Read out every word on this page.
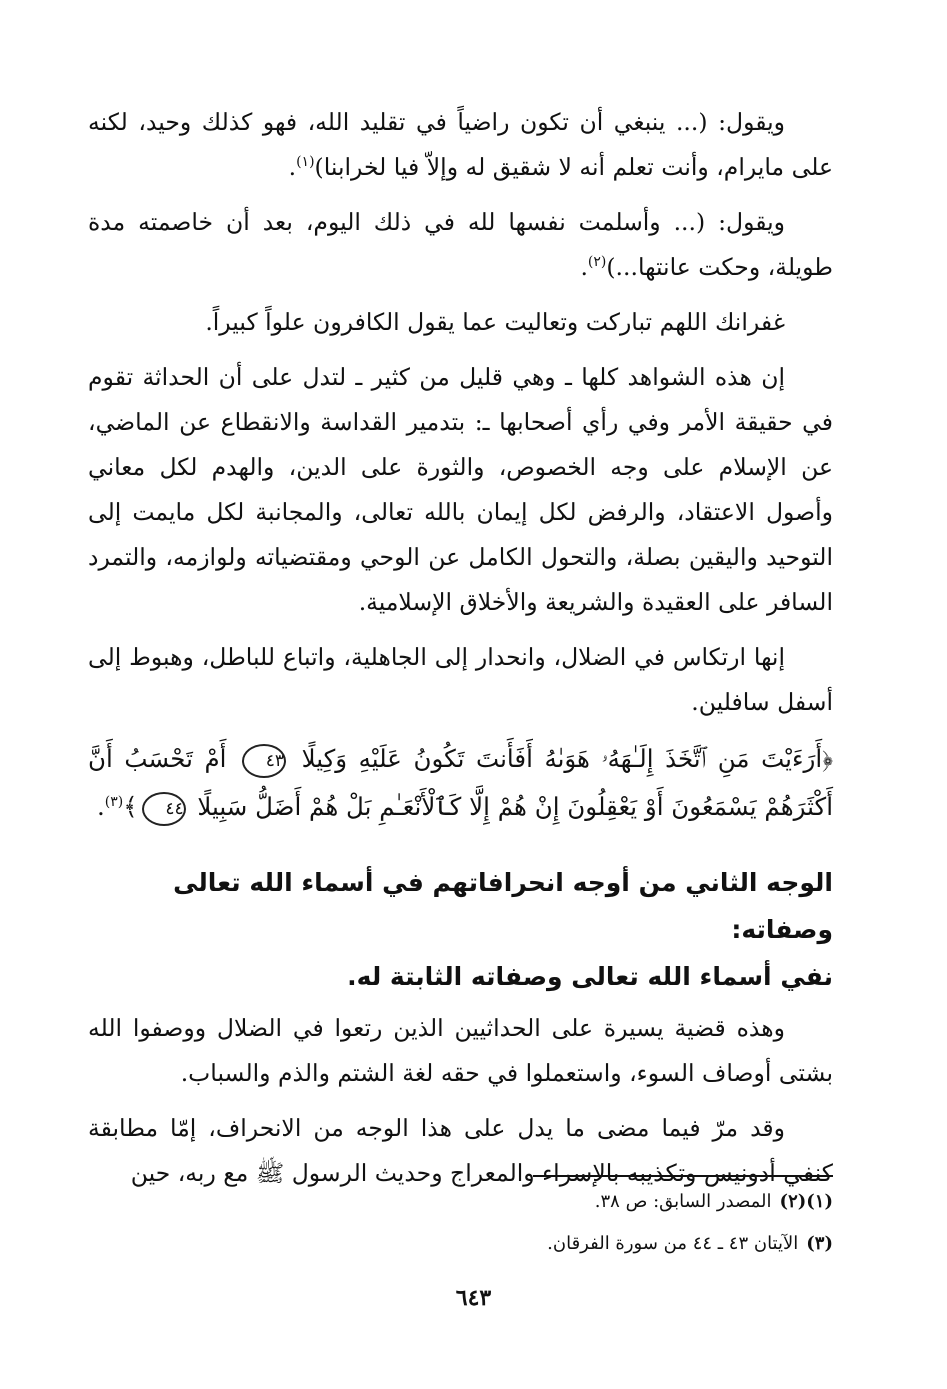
ويقول: (... ينبغي أن تكون راضياً في تقليد الله، فهو كذلك وحيد، لكنه على مايرام، وأنت تعلم أنه لا شقيق له وإلاّ فيا لخرابنا)$^{(١)}$.

ويقول: (... وأسلمت نفسها لله في ذلك اليوم، بعد أن خاصمته مدة طويلة، وحكت عانتها...)$^{(٢)}$.

غفرانك اللهم تباركت وتعاليت عما يقول الكافرون علواً كبيراً.

إن هذه الشواهد كلها ـ وهي قليل من كثير ـ لتدل على أن الحداثة تقوم في حقيقة الأمر وفي رأي أصحابها ـ: بتدمير القداسة والانقطاع عن الماضي، عن الإسلام على وجه الخصوص، والثورة على الدين، والهدم لكل معاني وأصول الاعتقاد، والرفض لكل إيمان بالله تعالى، والمجانبة لكل مايمت إلى التوحيد واليقين بصلة، والتحول الكامل عن الوحي ومقتضياته ولوازمه، والتمرد السافر على العقيدة والشريعة والأخلاق الإسلامية.

إنها ارتكاس في الضلال، وانحدار إلى الجاهلية، واتباع للباطل، وهبوط إلى أسفل سافلين.

﴿أَرَءَيْتَ مَنِ ٱتَّخَذَ إِلَـٰهَهُۥ هَوَىٰهُ أَفَأَنتَ تَكُونُ عَلَيْهِ وَكِيلًا ٤٣ أَمْ تَحْسَبُ أَنَّ أَكْثَرَهُمْ يَسْمَعُونَ أَوْ يَعْقِلُونَ إِنْ هُمْ إِلَّا كَٱلْأَنْعَـٰمِ بَلْ هُمْ أَضَلُّ سَبِيلًا ٤٤﴾$^{(٣)}$.

الوجه الثاني من أوجه انحرافاتهم في أسماء الله تعالى وصفاته:
نفي أسماء الله تعالى وصفاته الثابتة له.

وهذه قضية يسيرة على الحداثيين الذين رتعوا في الضلال ووصفوا الله بشتى أوصاف السوء، واستعملوا في حقه لغة الشتم والذم والسباب.

وقد مرّ فيما مضى ما يدل على هذا الوجه من الانحراف، إمّا مطابقة كنفي أدونيس وتكذيبه بالإسراء والمعراج وحديث الرسول ﷺ مع ربه، حين

(١)(٢)المصدر السابق: ص ٣٨.
(٣)الآيتان ٤٣ ـ ٤٤ من سورة الفرقان.
٦٤٣
